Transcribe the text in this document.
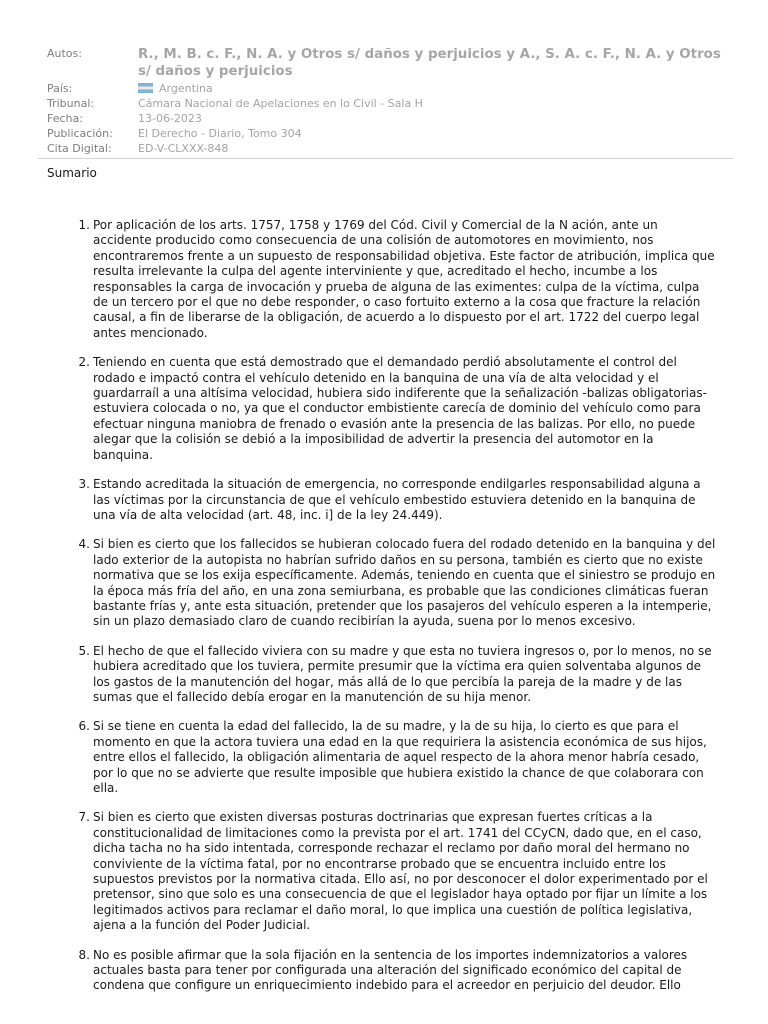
Autos:	R., M. B. c. F., N. A. y Otros s/ daños y perjuicios y A., S. A. c. F., N. A. y Otros s/ daños y perjuicios
País:	Argentina
Tribunal:	Cámara Nacional de Apelaciones en lo Civil - Sala H
Fecha:	13-06-2023
Publicación:	El Derecho - Diario, Tomo 304
Cita Digital:	ED-V-CLXXX-848
Sumario
1. Por aplicación de los arts. 1757, 1758 y 1769 del Cód. Civil y Comercial de la N ación, ante un accidente producido como consecuencia de una colisión de automotores en movimiento, nos encontraremos frente a un supuesto de responsabilidad objetiva. Este factor de atribución, implica que resulta irrelevante la culpa del agente interviniente y que, acreditado el hecho, incumbe a los responsables la carga de invocación y prueba de alguna de las eximentes: culpa de la víctima, culpa de un tercero por el que no debe responder, o caso fortuito externo a la cosa que fracture la relación causal, a fin de liberarse de la obligación, de acuerdo a lo dispuesto por el art. 1722 del cuerpo legal antes mencionado.
2. Teniendo en cuenta que está demostrado que el demandado perdió absolutamente el control del rodado e impactó contra el vehículo detenido en la banquina de una vía de alta velocidad y el guardarraíl a una altísima velocidad, hubiera sido indiferente que la señalización -balizas obligatorias- estuviera colocada o no, ya que el conductor embistiente carecía de dominio del vehículo como para efectuar ninguna maniobra de frenado o evasión ante la presencia de las balizas. Por ello, no puede alegar que la colisión se debió a la imposibilidad de advertir la presencia del automotor en la banquina.
3. Estando acreditada la situación de emergencia, no corresponde endilgarles responsabilidad alguna a las víctimas por la circunstancia de que el vehículo embestido estuviera detenido en la banquina de una vía de alta velocidad (art. 48, inc. i] de la ley 24.449).
4. Si bien es cierto que los fallecidos se hubieran colocado fuera del rodado detenido en la banquina y del lado exterior de la autopista no habrían sufrido daños en su persona, también es cierto que no existe normativa que se los exija específicamente. Además, teniendo en cuenta que el siniestro se produjo en la época más fría del año, en una zona semiurbana, es probable que las condiciones climáticas fueran bastante frías y, ante esta situación, pretender que los pasajeros del vehículo esperen a la intemperie, sin un plazo demasiado claro de cuando recibirían la ayuda, suena por lo menos excesivo.
5. El hecho de que el fallecido viviera con su madre y que esta no tuviera ingresos o, por lo menos, no se hubiera acreditado que los tuviera, permite presumir que la víctima era quien solventaba algunos de los gastos de la manutención del hogar, más allá de lo que percibía la pareja de la madre y de las sumas que el fallecido debía erogar en la manutención de su hija menor.
6. Si se tiene en cuenta la edad del fallecido, la de su madre, y la de su hija, lo cierto es que para el momento en que la actora tuviera una edad en la que requiriera la asistencia económica de sus hijos, entre ellos el fallecido, la obligación alimentaria de aquel respecto de la ahora menor habría cesado, por lo que no se advierte que resulte imposible que hubiera existido la chance de que colaborara con ella.
7. Si bien es cierto que existen diversas posturas doctrinarias que expresan fuertes críticas a la constitucionalidad de limitaciones como la prevista por el art. 1741 del CCyCN, dado que, en el caso, dicha tacha no ha sido intentada, corresponde rechazar el reclamo por daño moral del hermano no conviviente de la víctima fatal, por no encontrarse probado que se encuentra incluido entre los supuestos previstos por la normativa citada. Ello así, no por desconocer el dolor experimentado por el pretensor, sino que solo es una consecuencia de que el legislador haya optado por fijar un límite a los legitimados activos para reclamar el daño moral, lo que implica una cuestión de política legislativa, ajena a la función del Poder Judicial.
8. No es posible afirmar que la sola fijación en la sentencia de los importes indemnizatorios a valores actuales basta para tener por configurada una alteración del significado económico del capital de condena que configure un enriquecimiento indebido para el acreedor en perjuicio del deudor. Ello
